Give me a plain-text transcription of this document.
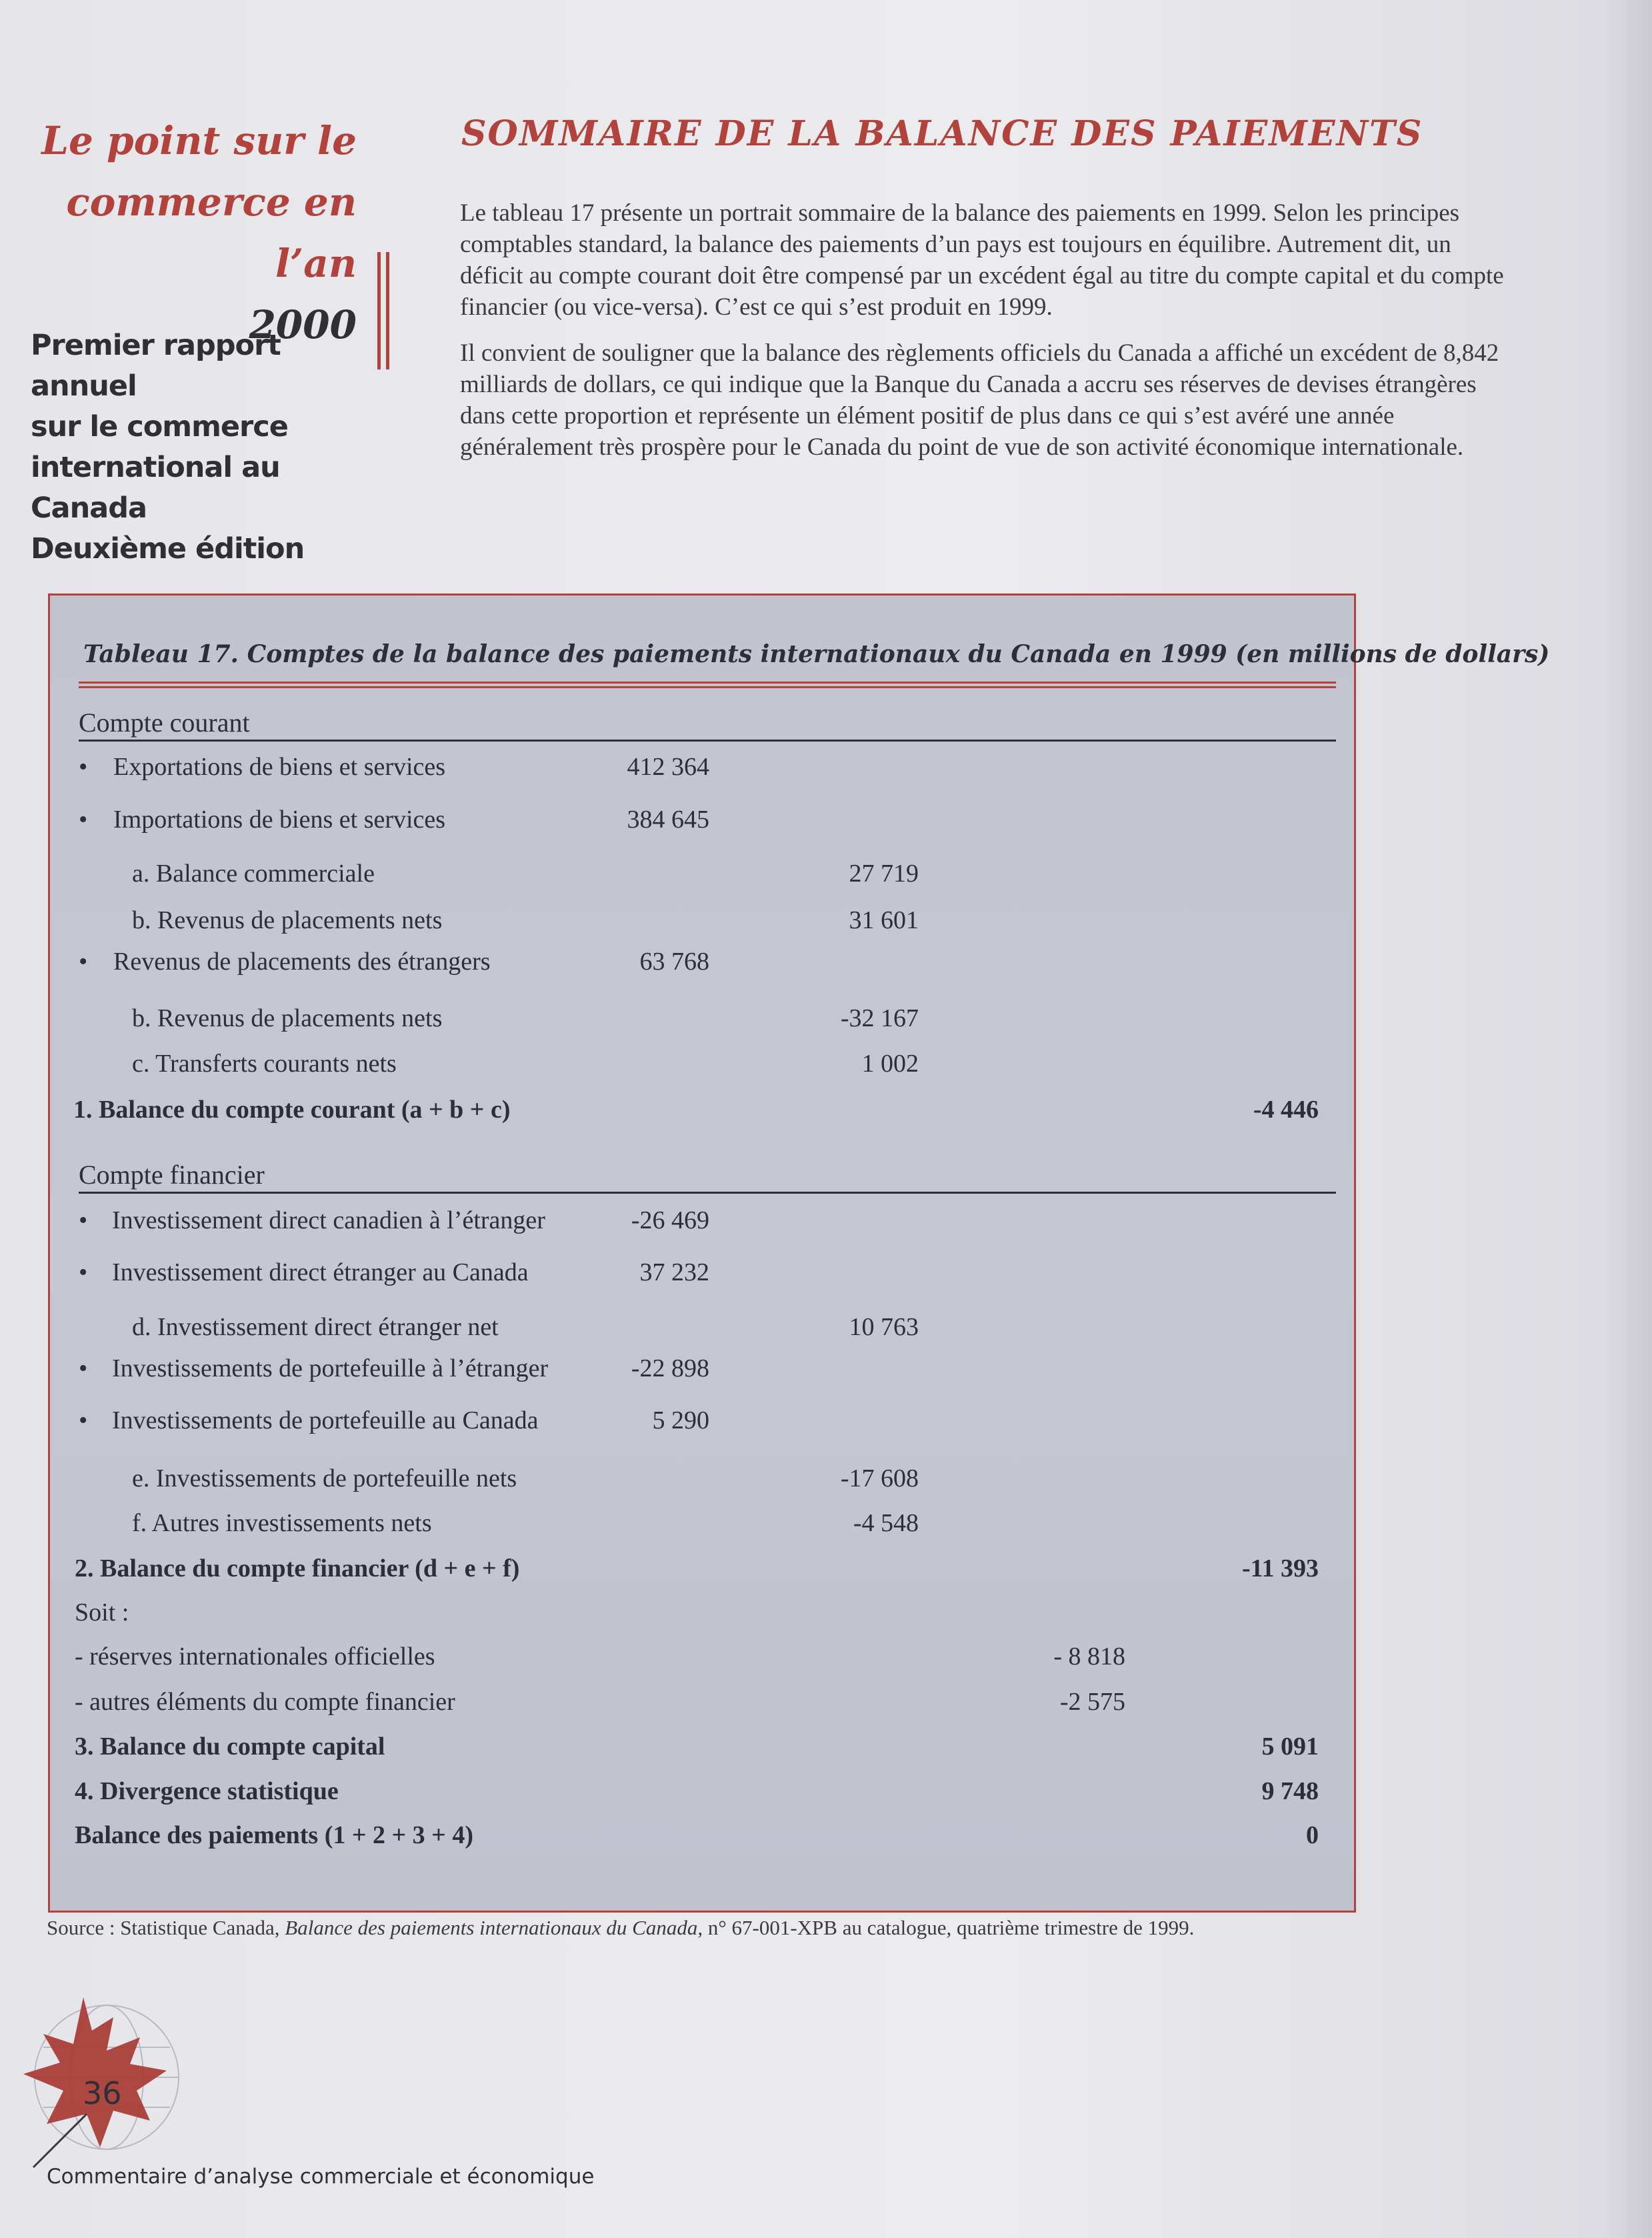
Le point sur le
commerce en l’an
2000
Premier rapport annuel
sur le commerce
international au Canada
Deuxième édition
SOMMAIRE DE LA BALANCE DES PAIEMENTS

Le tableau 17 présente un portrait sommaire de la balance des paiements en 1999. Selon les principes comptables standard, la balance des paiements d’un pays est toujours en équilibre. Autrement dit, un déficit au compte courant doit être compensé par un excédent égal au titre du compte capital et du compte financier (ou vice-versa). C’est ce qui s’est produit en 1999.

Il convient de souligner que la balance des règlements officiels du Canada a affiché un excédent de 8,842 milliards de dollars, ce qui indique que la Banque du Canada a accru ses réserves de devises étrangères dans cette proportion et représente un élément positif de plus dans ce qui s’est avéré une année généralement très prospère pour le Canada du point de vue de son activité économique internationale.

Tableau 17. Comptes de la balance des paiements internationaux du Canada en 1999 (en millions de dollars)
Compte courant
Compte financier
• Exportations de biens et services	412 364
• Importations de biens et services	384 645
a. Balance commerciale	27 719
b. Revenus de placements nets	31 601
• Revenus de placements des étrangers	63 768
b. Revenus de placements nets	-32 167
c. Transferts courants nets	1 002
1. Balance du compte courant (a + b + c)	-4 446
• Investissement direct canadien à l’étranger	-26 469
• Investissement direct étranger au Canada	37 232
d. Investissement direct étranger net	10 763
• Investissements de portefeuille à l’étranger	-22 898
• Investissements de portefeuille au Canada	5 290
e. Investissements de portefeuille nets	-17 608
f. Autres investissements nets	-4 548
2. Balance du compte financier (d + e + f)	-11 393
Soit :
- réserves internationales officielles	- 8 818
- autres éléments du compte financier	-2 575
3. Balance du compte capital	5 091
4. Divergence statistique	9 748
Balance des paiements (1 + 2 + 3 + 4)	0
Source : Statistique Canada, Balance des paiements internationaux du Canada, n° 67-001-XPB au catalogue, quatrième trimestre de 1999.
36
Commentaire d’analyse commerciale et économique
